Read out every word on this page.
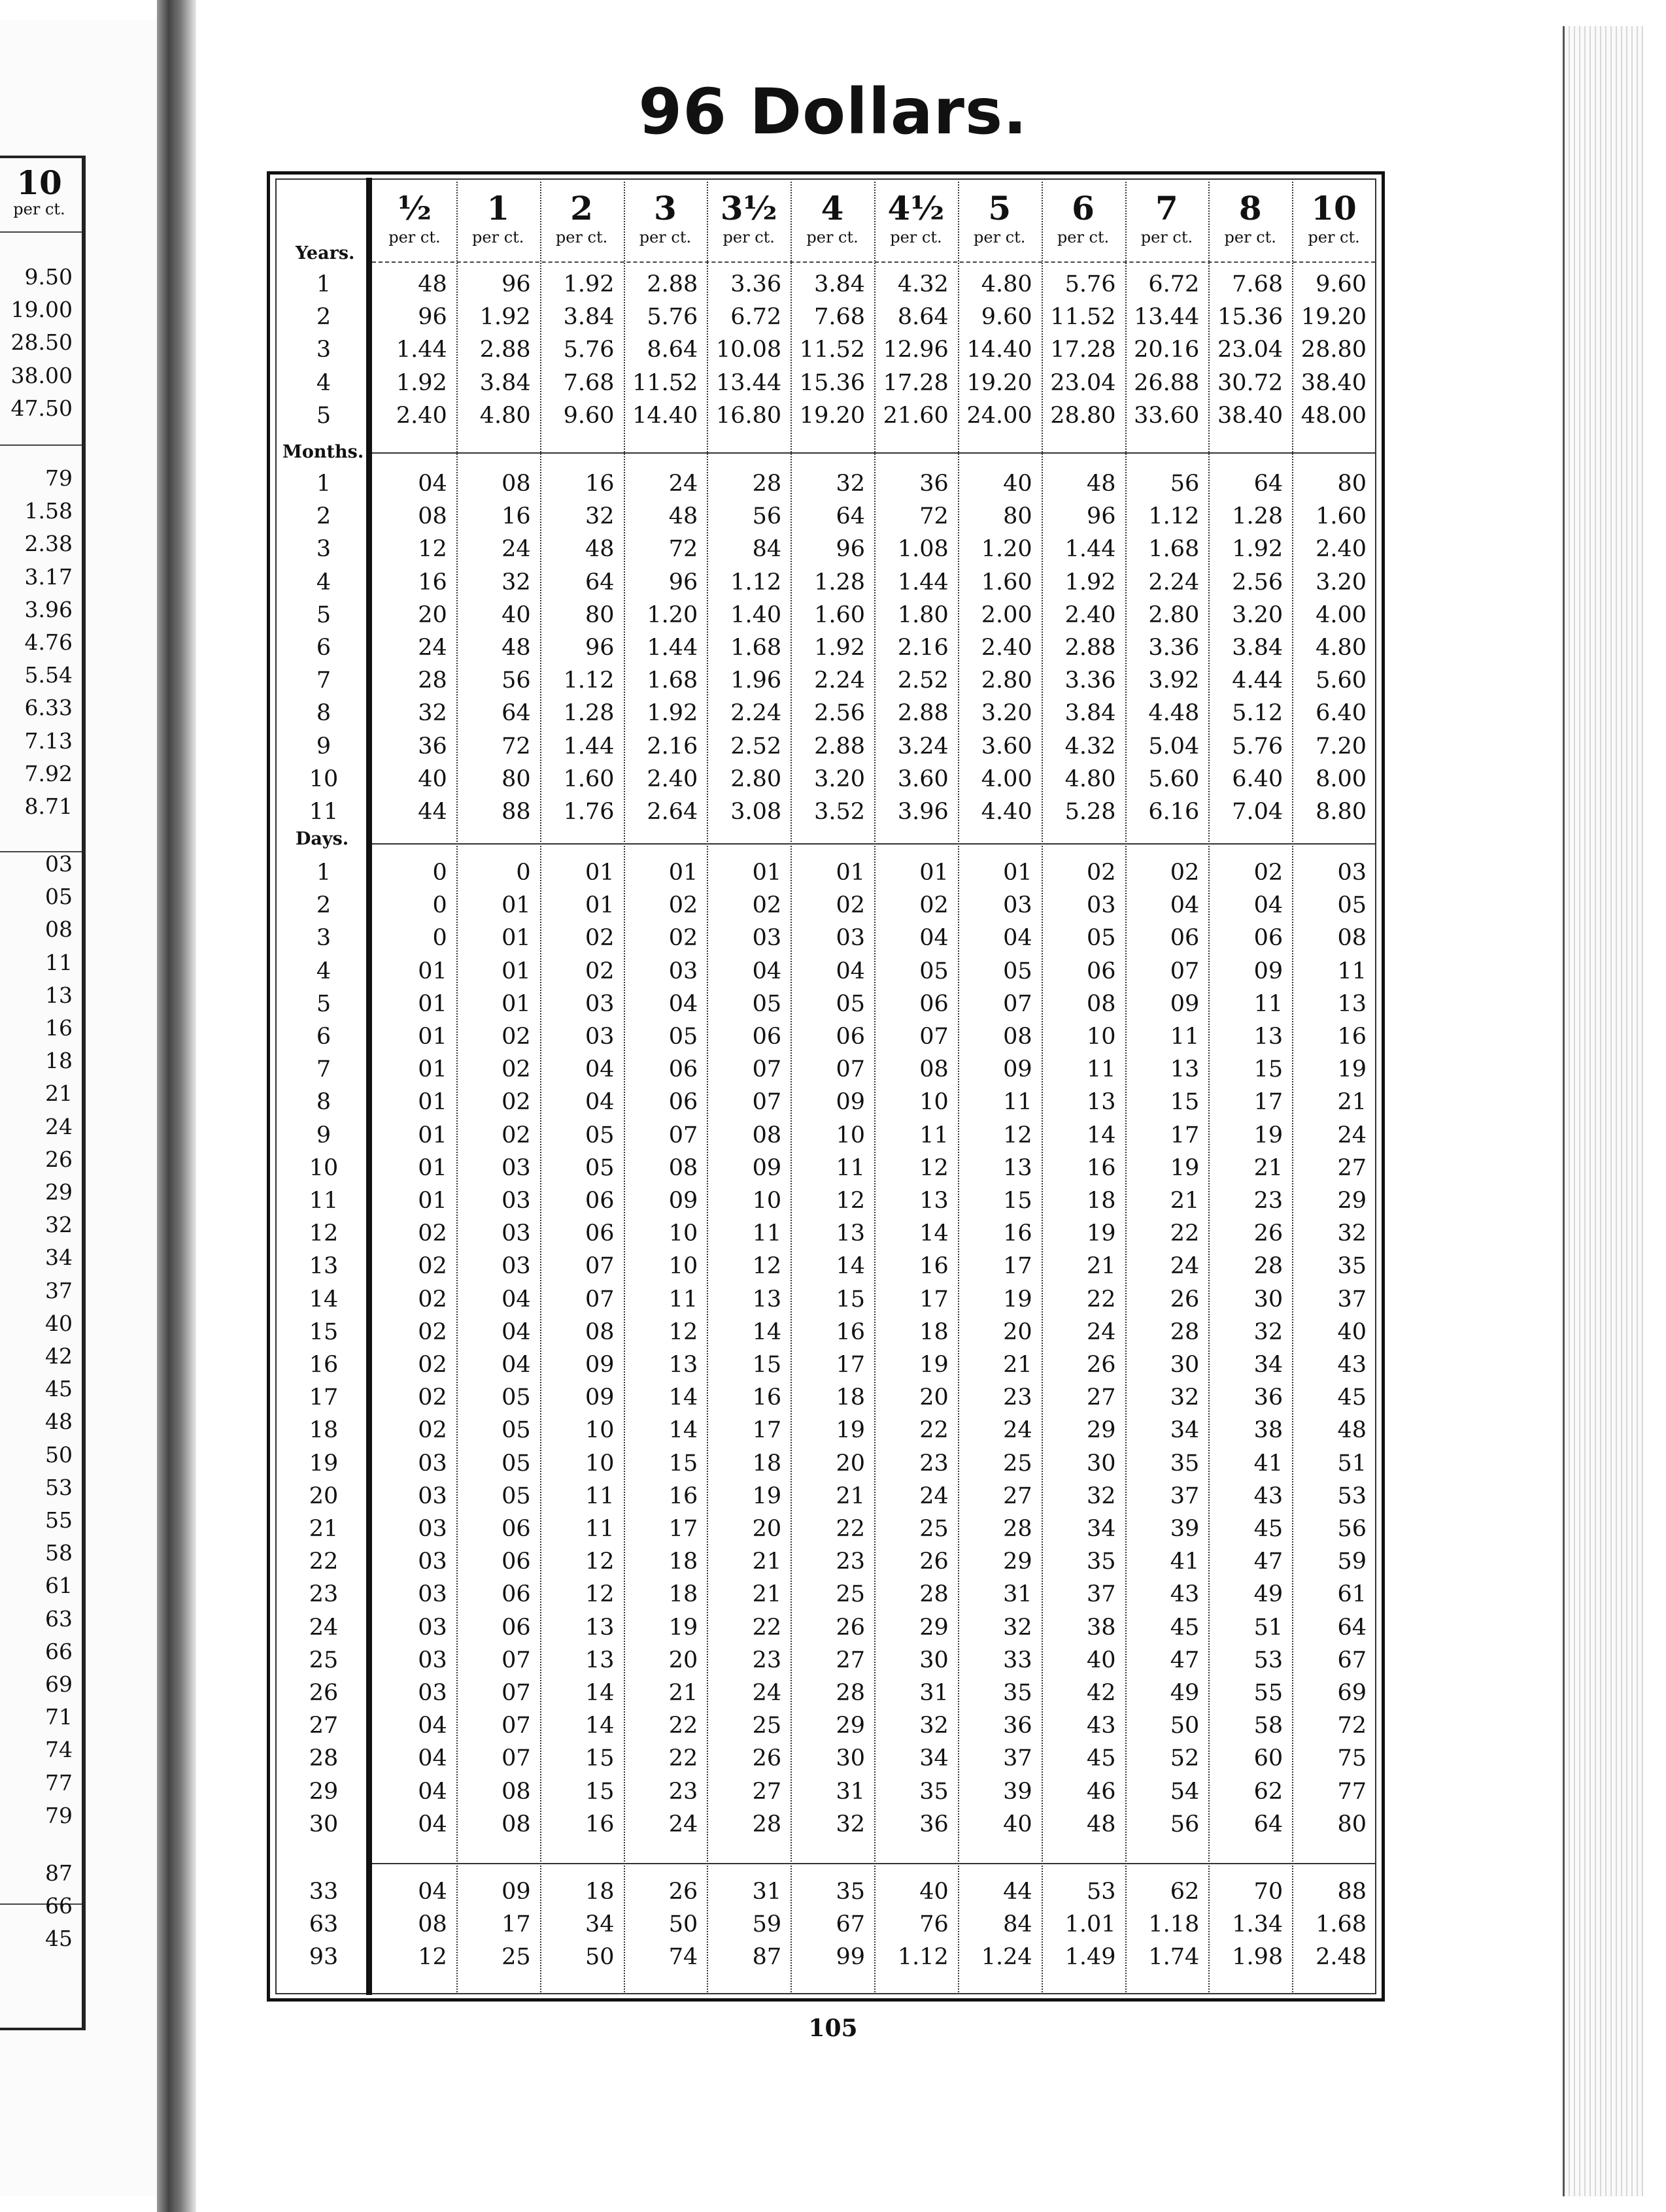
10
per ct.
9.50
19.00
28.50
38.00
47.50
79
1.58
2.38
3.17
3.96
4.76
5.54
6.33
7.13
7.92
8.71
03
05
08
11
13
16
18
21
24
26
29
32
34
37
40
42
45
48
50
53
55
58
61
63
66
69
71
74
77
79
87
66
45
96 Dollars.
½
per ct.
1
per ct.
2
per ct.
3
per ct.
3½
per ct.
4
per ct.
4½
per ct.
5
per ct.
6
per ct.
7
per ct.
8
per ct.
10
per ct.
Years.
1	48	96	1.92	2.88	3.36	3.84	4.32	4.80	5.76	6.72	7.68	9.60
2	96	1.92	3.84	5.76	6.72	7.68	8.64	9.60 11.52 13.44 15.36 19.20
3	1.44	2.88	5.76	8.64 10.08 11.52 12.96 14.40 17.28 20.16 23.04 28.80
4	1.92	3.84	7.68 11.52 13.44 15.36 17.28 19.20 23.04 26.88 30.72 38.40
5	2.40	4.80	9.60 14.40 16.80 19.20 21.60 24.00 28.80 33.60 38.40 48.00
Months.
1	04	08	16	24	28	32	36	40	48	56	64	80
2	08	16	32	48	56	64	72	80	96	1.12	1.28	1.60
3	12	24	48	72	84	96	1.08	1.20	1.44	1.68	1.92	2.40
4	16	32	64	96	1.12	1.28	1.44	1.60	1.92	2.24	2.56	3.20
5	20	40	80	1.20	1.40	1.60	1.80	2.00	2.40	2.80	3.20	4.00
6	24	48	96	1.44	1.68	1.92	2.16	2.40	2.88	3.36	3.84	4.80
7	28	56	1.12	1.68	1.96	2.24	2.52	2.80	3.36	3.92	4.44	5.60
8	32	64	1.28	1.92	2.24	2.56	2.88	3.20	3.84	4.48	5.12	6.40
9	36	72	1.44	2.16	2.52	2.88	3.24	3.60	4.32	5.04	5.76	7.20
10	40	80	1.60	2.40	2.80	3.20	3.60	4.00	4.80	5.60	6.40	8.00
11	44	88	1.76	2.64	3.08	3.52	3.96	4.40	5.28	6.16	7.04	8.80
Days.
1	0	0	01	01	01	01	01	01	02	02	02	03
2	0	01	01	02	02	02	02	03	03	04	04	05
3	0	01	02	02	03	03	04	04	05	06	06	08
4	01	01	02	03	04	04	05	05	06	07	09	11
5	01	01	03	04	05	05	06	07	08	09	11	13
6	01	02	03	05	06	06	07	08	10	11	13	16
7	01	02	04	06	07	07	08	09	11	13	15	19
8	01	02	04	06	07	09	10	11	13	15	17	21
9	01	02	05	07	08	10	11	12	14	17	19	24
10	01	03	05	08	09	11	12	13	16	19	21	27
11	01	03	06	09	10	12	13	15	18	21	23	29
12	02	03	06	10	11	13	14	16	19	22	26	32
13	02	03	07	10	12	14	16	17	21	24	28	35
14	02	04	07	11	13	15	17	19	22	26	30	37
15	02	04	08	12	14	16	18	20	24	28	32	40
16	02	04	09	13	15	17	19	21	26	30	34	43
17	02	05	09	14	16	18	20	23	27	32	36	45
18	02	05	10	14	17	19	22	24	29	34	38	48
19	03	05	10	15	18	20	23	25	30	35	41	51
20	03	05	11	16	19	21	24	27	32	37	43	53
21	03	06	11	17	20	22	25	28	34	39	45	56
22	03	06	12	18	21	23	26	29	35	41	47	59
23	03	06	12	18	21	25	28	31	37	43	49	61
24	03	06	13	19	22	26	29	32	38	45	51	64
25	03	07	13	20	23	27	30	33	40	47	53	67
26	03	07	14	21	24	28	31	35	42	49	55	69
27	04	07	14	22	25	29	32	36	43	50	58	72
28	04	07	15	22	26	30	34	37	45	52	60	75
29	04	08	15	23	27	31	35	39	46	54	62	77
30	04	08	16	24	28	32	36	40	48	56	64	80
33	04	09	18	26	31	35	40	44	53	62	70	88
63	08	17	34	50	59	67	76	84	1.01	1.18	1.34	1.68
93	12	25	50	74	87	99	1.12	1.24	1.49	1.74	1.98	2.48
105
